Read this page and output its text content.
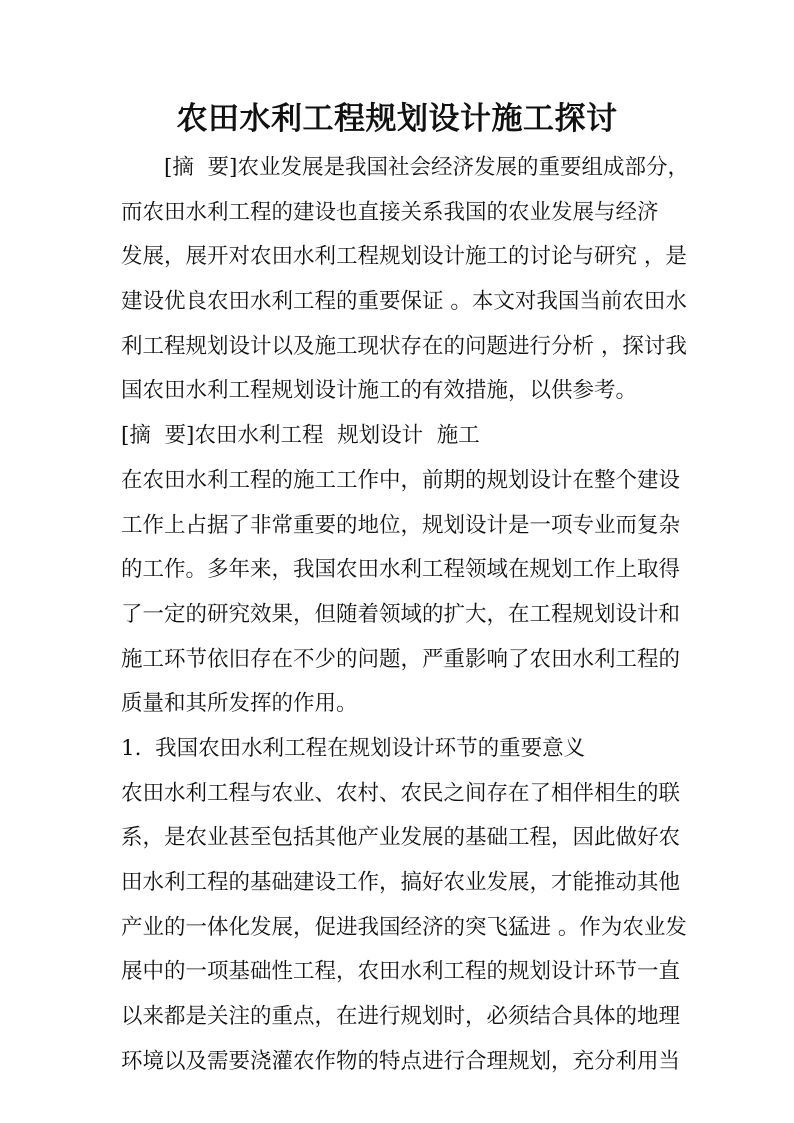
农田水利工程规划设计施工探讨
[摘  要]农业发展是我国社会经济发展的重要组成部分，
而农田水利工程的建设也直接关系我国的农业发展与经济
发展，展开对农田水利工程规划设计施工的讨论与研究 ，是
建设优良农田水利工程的重要保证 。本文对我国当前农田水
利工程规划设计以及施工现状存在的问题进行分析 ，探讨我
国农田水利工程规划设计施工的有效措施，以供参考。
[摘  要]农田水利工程  规划设计  施工
在农田水利工程的施工工作中，前期的规划设计在整个建设
工作上占据了非常重要的地位，规划设计是一项专业而复杂
的工作。多年来，我国农田水利工程领域在规划工作上取得
了一定的研究效果，但随着领域的扩大，在工程规划设计和
施工环节依旧存在不少的问题，严重影响了农田水利工程的
质量和其所发挥的作用。
1.  我国农田水利工程在规划设计环节的重要意义
农田水利工程与农业、农村、农民之间存在了相伴相生的联
系，是农业甚至包括其他产业发展的基础工程，因此做好农
田水利工程的基础建设工作，搞好农业发展，才能推动其他
产业的一体化发展，促进我国经济的突飞猛进 。作为农业发
展中的一项基础性工程，农田水利工程的规划设计环节一直
以来都是关注的重点，在进行规划时，必须结合具体的地理
环境以及需要浇灌农作物的特点进行合理规划，充分利用当
